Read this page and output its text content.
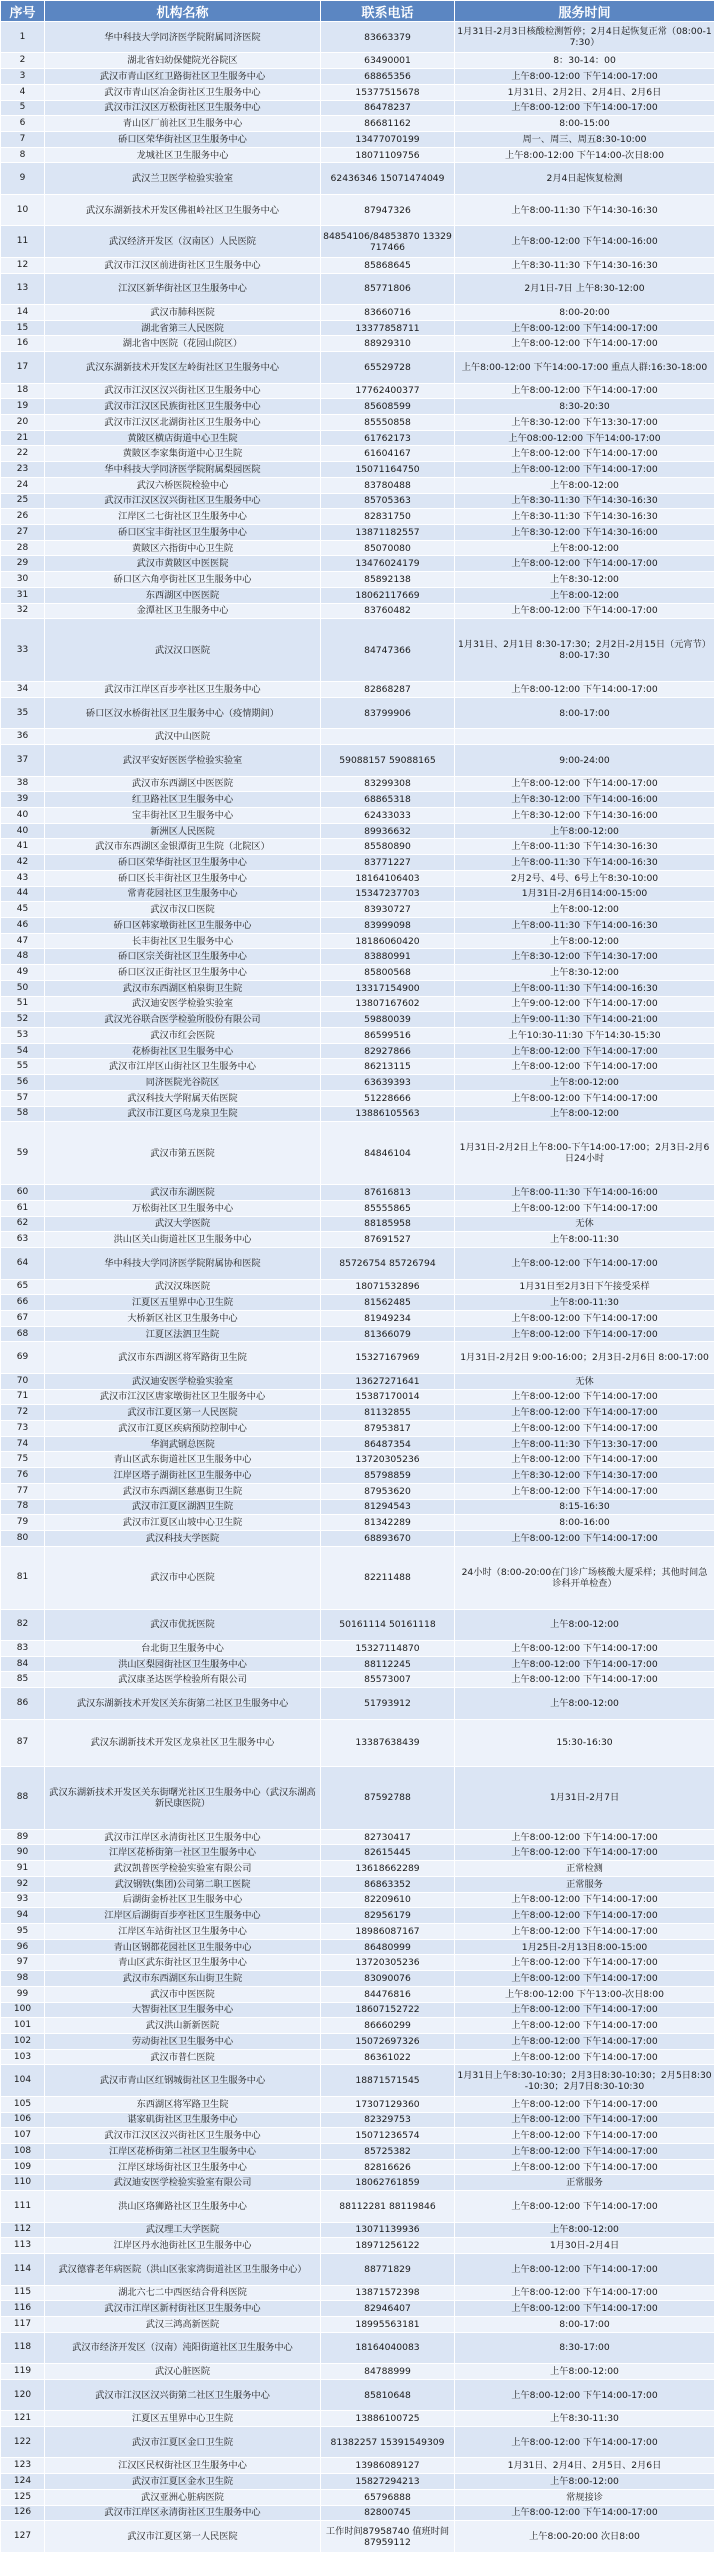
序号	机构名称	联系电话	服务时间
1	华中科技大学同济医学院附属同济医院	83663379	1月31日-2月3日核酸检测暂停；2月4日起恢复正常（08:00-17:30）
2	湖北省妇幼保健院光谷院区	63490001	8：30-14：00
3	武汉市青山区红卫路街社区卫生服务中心	68865356	上午8:00-12:00 下午14:00-17:00
4	武汉市青山区冶金街社区卫生服务中心	15377515678	1月31日、2月2日、2月4日、2月6日
5	武汉市江汉区万松街社区卫生服务中心	86478237	上午8:00-12:00 下午14:00-17:00
6	青山区厂前社区卫生服务中心	86681162	8:00-15:00
7	硚口区荣华街社区卫生服务中心	13477070199	周一、周三、周五8:30-10:00
8	龙城社区卫生服务中心	18071109756	上午8:00-12:00 下午14:00-次日8:00
9	武汉兰卫医学检验实验室	62436346 15071474049	2月4日起恢复检测
10	武汉东湖新技术开发区佛祖岭社区卫生服务中心	87947326	上午8:00-11:30 下午14:30-16:30
11	武汉经济开发区（汉南区）人民医院	84854106/84853870 13329717466	上午8:00-12:00 下午14:00-16:00
12	武汉市江汉区前进街社区卫生服务中心	85868645	上午8:30-11:30 下午14:30-16:30
13	江汉区新华街社区卫生服务中心	85771806	2月1日-7日 上午8:30-12:00
14	武汉市肺科医院	83660716	8:00-20:00
15	湖北省第三人民医院	13377858711	上午8:00-12:00 下午14:00-17:00
16	湖北省中医院（花园山院区）	88929310	上午8:00-12:00 下午14:00-17:00
17	武汉东湖新技术开发区左岭街社区卫生服务中心	65529728	上午8:00-12:00 下午14:00-17:00 重点人群:16:30-18:00
18	武汉市江汉区汉兴街社区卫生服务中心	17762400377	上午8:00-12:00 下午14:00-17:00
19	武汉市江汉区民族街社区卫生服务中心	85608599	8:30-20:30
20	武汉市江汉区北湖街社区卫生服务中心	85550858	上午8:30-12:00 下午13:30-17:00
21	黄陂区横店街道中心卫生院	61762173	上午08:00-12:00 下午14:00-17:00
22	黄陂区李家集街道中心卫生院	61604167	上午8:00-12:00 下午14:00-17:00
23	华中科技大学同济医学院附属梨园医院	15071164750	上午8:00-12:00 下午14:00-17:00
24	武汉六桥医院检验中心	83780488	上午8:00-12:00
25	武汉市江汉区汉兴街社区卫生服务中心	85705363	上午8:30-11:30 下午14:30-16:30
26	江岸区二七街社区卫生服务中心	82831750	上午8:30-11:30 下午14:30-16:30
27	硚口区宝丰街社区卫生服务中心	13871182557	上午8:30-12:00 下午14:30-16:00
28	黄陂区六指街中心卫生院	85070080	上午8:00-12:00
29	武汉市黄陂区中医医院	13476024179	上午8:00-12:00 下午14:00-17:00
30	硚口区六角亭街社区卫生服务中心	85892138	上午8:30-12:00
31	东西湖区中医医院	18062117669	上午8:00-12:00
32	金潭社区卫生服务中心	83760482	上午8:00-12:00 下午14:00-17:00
33	武汉汉口医院	84747366	1月31日、2月1日 8:30-17:30；2月2日-2月15日（元宵节）8:00-17:30
34	武汉市江岸区百步亭社区卫生服务中心	82868287	上午8:00-12:00 下午14:00-17:00
35	硚口区汉水桥街社区卫生服务中心（疫情期间）	83799906	8:00-17:00
36	武汉中山医院		
37	武汉平安好医医学检验实验室	59088157 59088165	9:00-24:00
38	武汉市东西湖区中医医院	83299308	上午8:00-12:00 下午14:00-17:00
39	红卫路社区卫生服务中心	68865318	上午8:30-12:00 下午14:00-16:00
40	宝丰街社区卫生服务中心	62433033	上午8:30-12:00 下午14:30-16:00
40	新洲区人民医院	89936632	上午8:00-12:00
41	武汉市东西湖区金银潭街卫生院（北院区）	85580890	上午8:00-11:30 下午14:30-16:30
42	硚口区荣华街社区卫生服务中心	83771227	上午8:00-11:30 下午14:00-16:30
43	硚口区长丰街社区卫生服务中心	18164106403	2月2号、4号、6号上午8:30-10:00
44	常青花园社区卫生服务中心	15347237703	1月31日-2月6日14:00-15:00
45	武汉市汉口医院	83930727	上午8:00-12:00
46	硚口区韩家墩街社区卫生服务中心	83999098	上午8:00-11:30 下午14:00-16:30
47	长丰街社区卫生服务中心	18186060420	上午8:00-12:00
48	硚口区宗关街社区卫生服务中心	83880991	上午8:30-12:00 下午14:30-17:00
49	硚口区汉正街社区卫生服务中心	85800568	上午8:30-12:00
50	武汉市东西湖区柏泉街卫生院	13317154900	上午8:00-11:30 下午14:00-16:30
51	武汉迪安医学检验实验室	13807167602	上午9:00-12:00 下午14:00-17:00
52	武汉光谷联合医学检验所股份有限公司	59880039	上午9:00-11:30 下午14:00-21:00
53	武汉市红会医院	86599516	上午10:30-11:30 下午14:30-15:30
54	花桥街社区卫生服务中心	82927866	上午8:00-12:00 下午14:00-17:00
55	武汉市江岸区山街社区卫生服务中心	86213115	上午8:00-12:00 下午14:00-17:00
56	同济医院光谷院区	63639393	上午8:00-12:00
57	武汉科技大学附属天佑医院	51228666	上午8:00-12:00 下午14:00-17:00
58	武汉市江夏区乌龙泉卫生院	13886105563	上午8:00-12:00
59	武汉市第五医院	84846104	1月31日-2月2日上午8:00-下午14:00-17:00；2月3日-2月6日24小时
60	武汉市东湖医院	87616813	上午8:00-11:30 下午14:00-16:00
61	万松街社区卫生服务中心	85555865	上午8:00-12:00 下午14:00-17:00
62	武汉大学医院	88185958	无休
63	洪山区关山街道社区卫生服务中心	87691527	上午8:00-11:30
64	华中科技大学同济医学院附属协和医院	85726754 85726794	上午8:00-12:00 下午14:00-17:00
65	武汉汉珠医院	18071532896	1月31日至2月3日下午接受采样
66	江夏区五里界中心卫生院	81562485	上午8:00-11:30
67	大桥新区社区卫生服务中心	81949234	上午8:00-12:00 下午14:00-17:00
68	江夏区法泗卫生院	81366079	上午8:00-12:00 下午14:00-17:00
69	武汉市东西湖区将军路街卫生院	15327167969	1月31日-2月2日 9:00-16:00；2月3日-2月6日 8:00-17:00
70	武汉迪安医学检验实验室	13627271641	无休
71	武汉市江汉区唐家墩街社区卫生服务中心	15387170014	上午8:00-12:00 下午14:00-17:00
72	武汉市江夏区第一人民医院	81132855	上午8:00-12:00 下午14:00-17:00
73	武汉市江夏区疾病预防控制中心	87953817	上午8:00-12:00 下午14:00-17:00
74	华润武钢总医院	86487354	上午8:00-11:30 下午13:30-17:00
75	青山区武东街道社区卫生服务中心	13720305236	上午8:00-12:00 下午14:00-17:00
76	江岸区塔子湖街社区卫生服务中心	85798859	上午8:30-12:00 下午14:30-17:00
77	武汉市东西湖区慈惠街卫生院	87953620	上午8:00-12:00 下午14:00-17:00
78	武汉市江夏区湖泗卫生院	81294543	8:15-16:30
79	武汉市江夏区山坡中心卫生院	81342289	8:00-16:00
80	武汉科技大学医院	68893670	上午8:00-12:00 下午14:00-17:00
81	武汉市中心医院	82211488	24小时（8:00-20:00在门诊广场核酸大厦采样；其他时间急诊科开单检查）
82	武汉市优抚医院	50161114 50161118	上午8:00-12:00
83	台北街卫生服务中心	15327114870	上午8:00-12:00 下午14:00-17:00
84	洪山区梨园街社区卫生服务中心	88112245	上午8:00-12:00 下午14:00-17:00
85	武汉康圣达医学检验所有限公司	85573007	上午8:00-12:00 下午14:00-17:00
86	武汉东湖新技术开发区关东街第二社区卫生服务中心	51793912	上午8:00-12:00
87	武汉东湖新技术开发区龙泉社区卫生服务中心	13387638439	15:30-16:30
88	武汉东湖新技术开发区关东街曙光社区卫生服务中心（武汉东湖高新民康医院）	87592788	1月31日-2月7日
89	武汉市江岸区永清街社区卫生服务中心	82730417	上午8:00-12:00 下午14:00-17:00
90	江岸区花桥街第一社区卫生服务中心	82615445	上午8:00-12:00 下午14:00-17:00
91	武汉凯普医学检验实验室有限公司	13618662289	正常检测
92	武汉钢铁(集团)公司第二职工医院	86863352	正常服务
93	后湖街金桥社区卫生服务中心	82209610	上午8:00-12:00 下午14:00-17:00
94	江岸区后湖街百步亭社区卫生服务中心	82956179	上午8:00-12:00 下午14:00-17:00
95	江岸区车站街社区卫生服务中心	18986087167	上午8:00-12:00 下午14:00-17:00
96	青山区钢都花园社区卫生服务中心	86480999	1月25日-2月13日8:00-15:00
97	青山区武东街社区卫生服务中心	13720305236	上午8:00-12:00 下午14:00-17:00
98	武汉市东西湖区东山街卫生院	83090076	上午8:00-12:00 下午14:00-17:00
99	武汉市中医医院	84476816	上午8:00-12:00 下午13:00-次日8:00
100	大智街社区卫生服务中心	18607152722	上午8:00-12:00 下午14:00-17:00
101	武汉洪山新新医院	86660299	上午8:00-12:00 下午14:00-17:00
102	劳动街社区卫生服务中心	15072697326	上午8:00-12:00 下午14:00-17:00
103	武汉市普仁医院	86361022	上午8:00-12:00 下午14:00-17:00
104	武汉市青山区红钢城街社区卫生服务中心	18871571545	1月31日上午8:30-10:30；2月3日8:30-10:30；2月5日8:30-10:30；2月7日8:30-10:30
105	东西湖区将军路卫生院	17307129360	上午8:00-12:00 下午14:00-17:00
106	谌家矶街社区卫生服务中心	82329753	上午8:00-12:00 下午14:00-17:00
107	武汉市江汉区汉兴街社区卫生服务中心	15071236574	上午8:00-12:00 下午14:00-17:00
108	江岸区花桥街第二社区卫生服务中心	85725382	上午8:00-12:00 下午14:00-17:00
109	江岸区球场街社区卫生服务中心	82816626	上午8:00-12:00 下午14:00-17:00
110	武汉迪安医学检验实验室有限公司	18062761859	正常服务
111	洪山区珞狮路社区卫生服务中心	88112281 88119846	上午8:00-12:00 下午14:00-17:00
112	武汉理工大学医院	13071139936	上午8:00-12:00
113	江岸区丹水池街社区卫生服务中心	18971256122	1月30日-2月4日
114	武汉德睿老年病医院（洪山区张家湾街道社区卫生服务中心）	88771829	上午8:00-12:00 下午14:00-17:00
115	湖北六七二中西医结合骨科医院	13871572398	上午8:00-12:00 下午14:00-17:00
116	武汉市江岸区新村街社区卫生服务中心	82946407	上午8:00-12:00 下午14:00-17:00
117	武汉三鸿高新医院	18995563181	8:00-17:00
118	武汉市经济开发区（汉南）沌阳街道社区卫生服务中心	18164040083	8:30-17:00
119	武汉心脏医院	84788999	上午8:00-12:00
120	武汉市江汉区汉兴街第二社区卫生服务中心	85810648	上午8:00-12:00 下午14:00-17:00
121	江夏区五里界中心卫生院	13886100725	上午8:30-11:30
122	武汉市江夏区金口卫生院	81382257 15391549309	上午8:00-12:00 下午14:00-17:00
123	江汉区民权街社区卫生服务中心	13986089127	1月31日、2月4日、2月5日、2月6日
124	武汉市江夏区金水卫生院	15827294213	上午8:00-12:00
125	武汉亚洲心脏病医院	65796888	常规接诊
126	武汉市江岸区永清街社区卫生服务中心	82800745	上午8:00-12:00 下午14:00-17:00
127	武汉市江夏区第一人民医院	工作时间87958740 值班时间87959112	上午8:00-20:00 次日8:00
